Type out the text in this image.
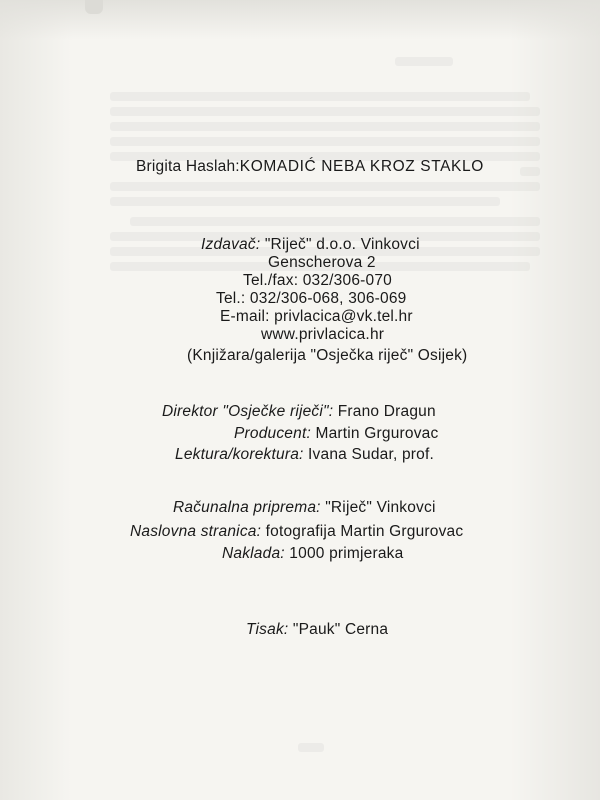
Brigita Haslah:KOMADIĆ NEBA KROZ STAKLO
Izdavač: "Riječ" d.o.o. Vinkovci
Genscherova 2
Tel./fax: 032/306-070
Tel.: 032/306-068, 306-069
E-mail: privlacica@vk.tel.hr
www.privlacica.hr
(Knjižara/galerija "Osječka riječ" Osijek)
Direktor "Osječke riječi": Frano Dragun
Producent: Martin Grgurovac
Lektura/korektura: Ivana Sudar, prof.
Računalna priprema: "Riječ" Vinkovci
Naslovna stranica: fotografija Martin Grgurovac
Naklada: 1000 primjeraka
Tisak: "Pauk" Cerna
